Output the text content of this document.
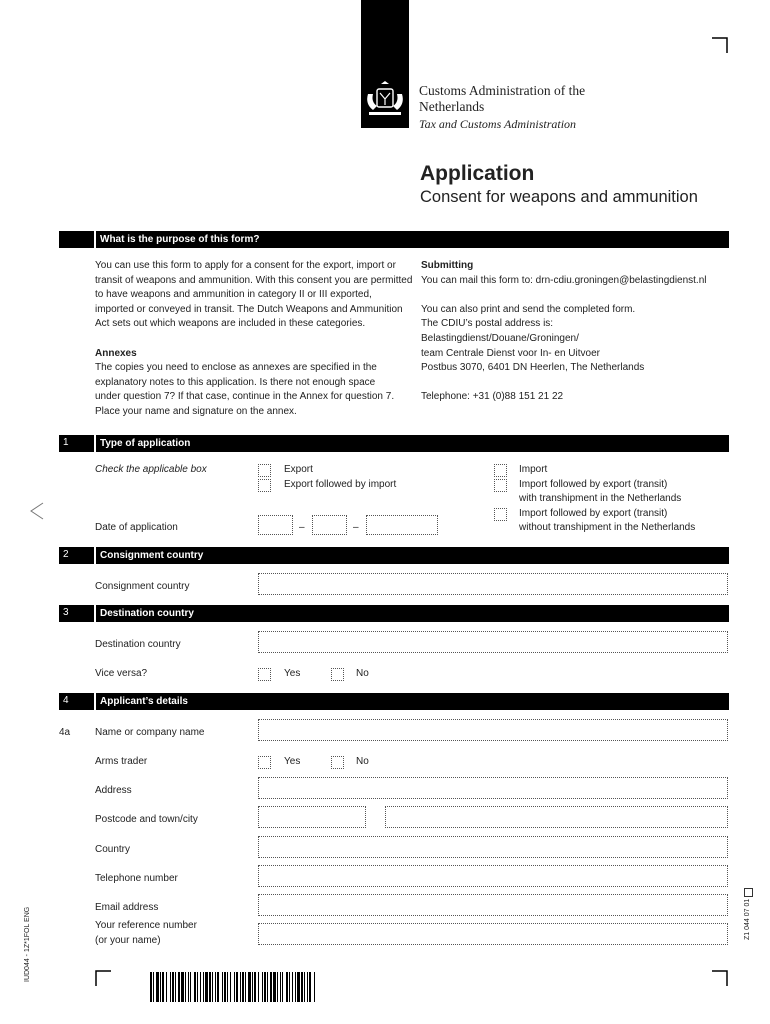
Customs Administration of the
Netherlands
Tax and Customs Administration
Application
Consent for weapons and ammunition
What is the purpose of this form?
You can use this form to apply for a consent for the export, import or
transit of weapons and ammunition. With this consent you are permitted
to have weapons and ammunition in category II or III exported,
imported or conveyed in transit. The Dutch Weapons and Ammunition
Act sets out which weapons are included in these categories.
Annexes
The copies you need to enclose as annexes are specified in the
explanatory notes to this application. Is there not enough space
under question 7? If that case, continue in the Annex for question 7.
Place your name and signature on the annex.
Submitting
You can mail this form to: drn-cdiu.groningen@belastingdienst.nl
You can also print and send the completed form.
The CDIU’s postal address is:
Belastingdienst/Douane/Groningen/
team Centrale Dienst voor In- en Uitvoer
Postbus 3070, 6401 DN Heerlen, The Netherlands
Telephone: +31 (0)88 151 21 22
1	Type of application
Check the applicable box	Export
Export followed by import
Import
Import followed by export (transit)
with transhipment in the Netherlands
Import followed by export (transit)
without transhipment in the Netherlands
Date of application	–	–
2	Consignment country
Consignment country
3	Destination country
Destination country
Vice versa?	Yes	No
4	Applicant’s details
4a Name or company name
Arms trader	Yes	No
Address
Postcode and town/city
Country
Telephone number
Email address
Your reference number
(or your name)
IUD044 - 1Z*1FOL ENG	Z1 044 07 01
